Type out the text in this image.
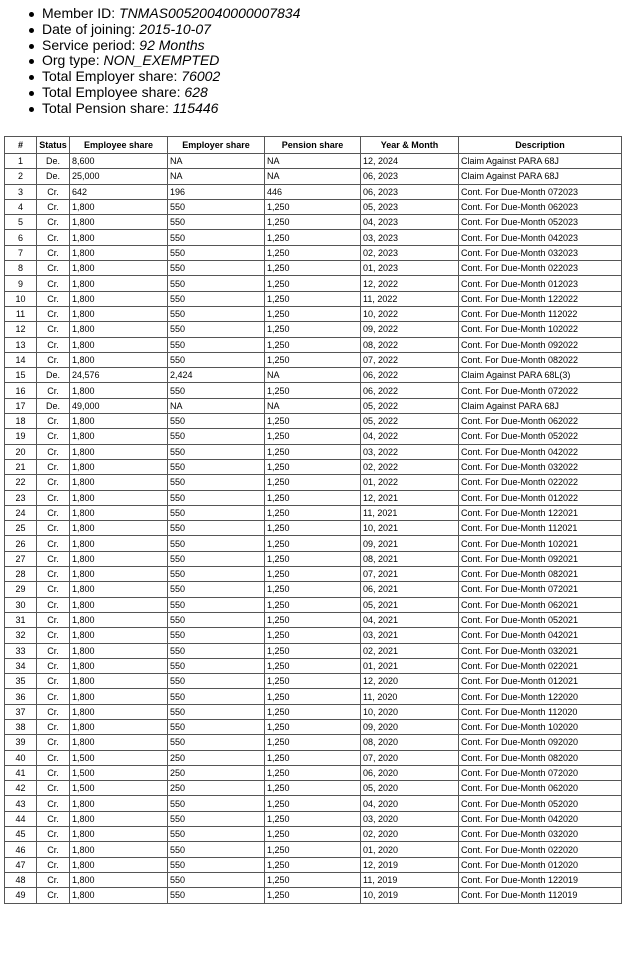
Member ID: TNMAS00520040000007834
Date of joining: 2015-10-07
Service period: 92 Months
Org type: NON_EXEMPTED
Total Employer share: 76002
Total Employee share: 628
Total Pension share: 115446
#	Status	Employee share	Employer share	Pension share	Year & Month	Description
1	De.	8,600	NA	NA	12, 2024	Claim Against PARA 68J
2	De.	25,000	NA	NA	06, 2023	Claim Against PARA 68J
3	Cr.	642	196	446	06, 2023	Cont. For Due-Month 072023
4	Cr.	1,800	550	1,250	05, 2023	Cont. For Due-Month 062023
5	Cr.	1,800	550	1,250	04, 2023	Cont. For Due-Month 052023
6	Cr.	1,800	550	1,250	03, 2023	Cont. For Due-Month 042023
7	Cr.	1,800	550	1,250	02, 2023	Cont. For Due-Month 032023
8	Cr.	1,800	550	1,250	01, 2023	Cont. For Due-Month 022023
9	Cr.	1,800	550	1,250	12, 2022	Cont. For Due-Month 012023
10	Cr.	1,800	550	1,250	11, 2022	Cont. For Due-Month 122022
11	Cr.	1,800	550	1,250	10, 2022	Cont. For Due-Month 112022
12	Cr.	1,800	550	1,250	09, 2022	Cont. For Due-Month 102022
13	Cr.	1,800	550	1,250	08, 2022	Cont. For Due-Month 092022
14	Cr.	1,800	550	1,250	07, 2022	Cont. For Due-Month 082022
15	De.	24,576	2,424	NA	06, 2022	Claim Against PARA 68L(3)
16	Cr.	1,800	550	1,250	06, 2022	Cont. For Due-Month 072022
17	De.	49,000	NA	NA	05, 2022	Claim Against PARA 68J
18	Cr.	1,800	550	1,250	05, 2022	Cont. For Due-Month 062022
19	Cr.	1,800	550	1,250	04, 2022	Cont. For Due-Month 052022
20	Cr.	1,800	550	1,250	03, 2022	Cont. For Due-Month 042022
21	Cr.	1,800	550	1,250	02, 2022	Cont. For Due-Month 032022
22	Cr.	1,800	550	1,250	01, 2022	Cont. For Due-Month 022022
23	Cr.	1,800	550	1,250	12, 2021	Cont. For Due-Month 012022
24	Cr.	1,800	550	1,250	11, 2021	Cont. For Due-Month 122021
25	Cr.	1,800	550	1,250	10, 2021	Cont. For Due-Month 112021
26	Cr.	1,800	550	1,250	09, 2021	Cont. For Due-Month 102021
27	Cr.	1,800	550	1,250	08, 2021	Cont. For Due-Month 092021
28	Cr.	1,800	550	1,250	07, 2021	Cont. For Due-Month 082021
29	Cr.	1,800	550	1,250	06, 2021	Cont. For Due-Month 072021
30	Cr.	1,800	550	1,250	05, 2021	Cont. For Due-Month 062021
31	Cr.	1,800	550	1,250	04, 2021	Cont. For Due-Month 052021
32	Cr.	1,800	550	1,250	03, 2021	Cont. For Due-Month 042021
33	Cr.	1,800	550	1,250	02, 2021	Cont. For Due-Month 032021
34	Cr.	1,800	550	1,250	01, 2021	Cont. For Due-Month 022021
35	Cr.	1,800	550	1,250	12, 2020	Cont. For Due-Month 012021
36	Cr.	1,800	550	1,250	11, 2020	Cont. For Due-Month 122020
37	Cr.	1,800	550	1,250	10, 2020	Cont. For Due-Month 112020
38	Cr.	1,800	550	1,250	09, 2020	Cont. For Due-Month 102020
39	Cr.	1,800	550	1,250	08, 2020	Cont. For Due-Month 092020
40	Cr.	1,500	250	1,250	07, 2020	Cont. For Due-Month 082020
41	Cr.	1,500	250	1,250	06, 2020	Cont. For Due-Month 072020
42	Cr.	1,500	250	1,250	05, 2020	Cont. For Due-Month 062020
43	Cr.	1,800	550	1,250	04, 2020	Cont. For Due-Month 052020
44	Cr.	1,800	550	1,250	03, 2020	Cont. For Due-Month 042020
45	Cr.	1,800	550	1,250	02, 2020	Cont. For Due-Month 032020
46	Cr.	1,800	550	1,250	01, 2020	Cont. For Due-Month 022020
47	Cr.	1,800	550	1,250	12, 2019	Cont. For Due-Month 012020
48	Cr.	1,800	550	1,250	11, 2019	Cont. For Due-Month 122019
49	Cr.	1,800	550	1,250	10, 2019	Cont. For Due-Month 112019
